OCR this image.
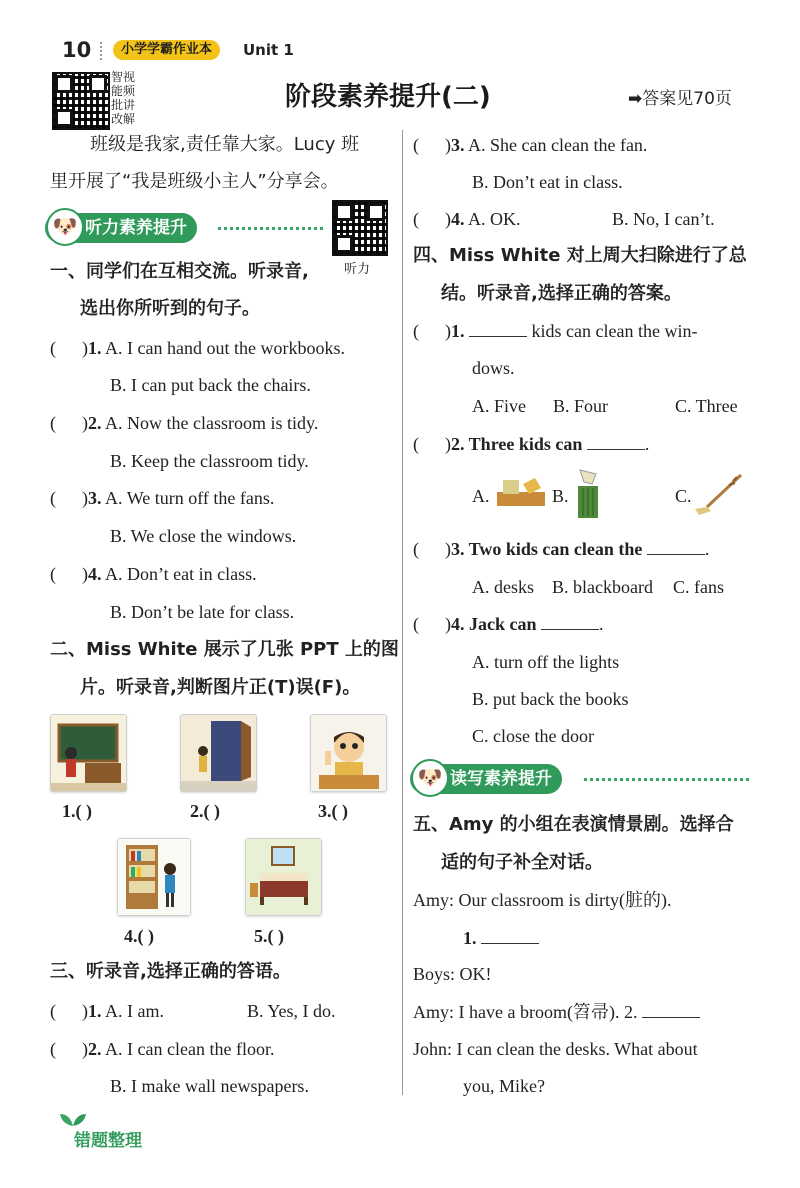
10	小学学霸作业本	Unit 1
智视
能频
批讲
改解
阶段素养提升(二)	➡答案见70页
班级是我家,责任靠大家。Lucy 班
里开展了“我是班级小主人”分享会。
听力素养提升
🐶
听力
一、同学们在互相交流。听录音,
选出你所听到的句子。
( )1. A. I can hand out the workbooks.
B. I can put back the chairs.
( )2. A. Now the classroom is tidy.
B. Keep the classroom tidy.
( )3. A. We turn off the fans.
B. We close the windows.
( )4. A. Don’t eat in class.
B. Don’t be late for class.
二、Miss White 展示了几张 PPT 上的图
片。听录音,判断图片正(T)误(F)。
1.( )	2.( )	3.( )
4.( )	5.( )
三、听录音,选择正确的答语。
( )1. A. I am.	B. Yes, I do.
( )2. A. I can clean the floor.
B. I make wall newspapers.
( )3. A. She can clean the fan.
B. Don’t eat in class.
( )4. A. OK.	B. No, I can’t.
四、Miss White 对上周大扫除进行了总
结。听录音,选择正确的答案。
( )1.	kids can clean the win-
dows.
A. Five B. Four	C. Three
( )2. Three kids can	.
A.	B.	C.
( )3. Two kids can clean the	.
A. desks B. blackboard C. fans
( )4. Jack can	.
A. turn off the lights
B. put back the books
C. close the door
读写素养提升
🐶
五、Amy 的小组在表演情景剧。选择合
适的句子补全对话。
Amy: Our classroom is dirty(脏的).
1.
Boys: OK!
Amy: I have a broom(笤帚). 2.
John: I can clean the desks. What about
you, Mike?
错题整理
